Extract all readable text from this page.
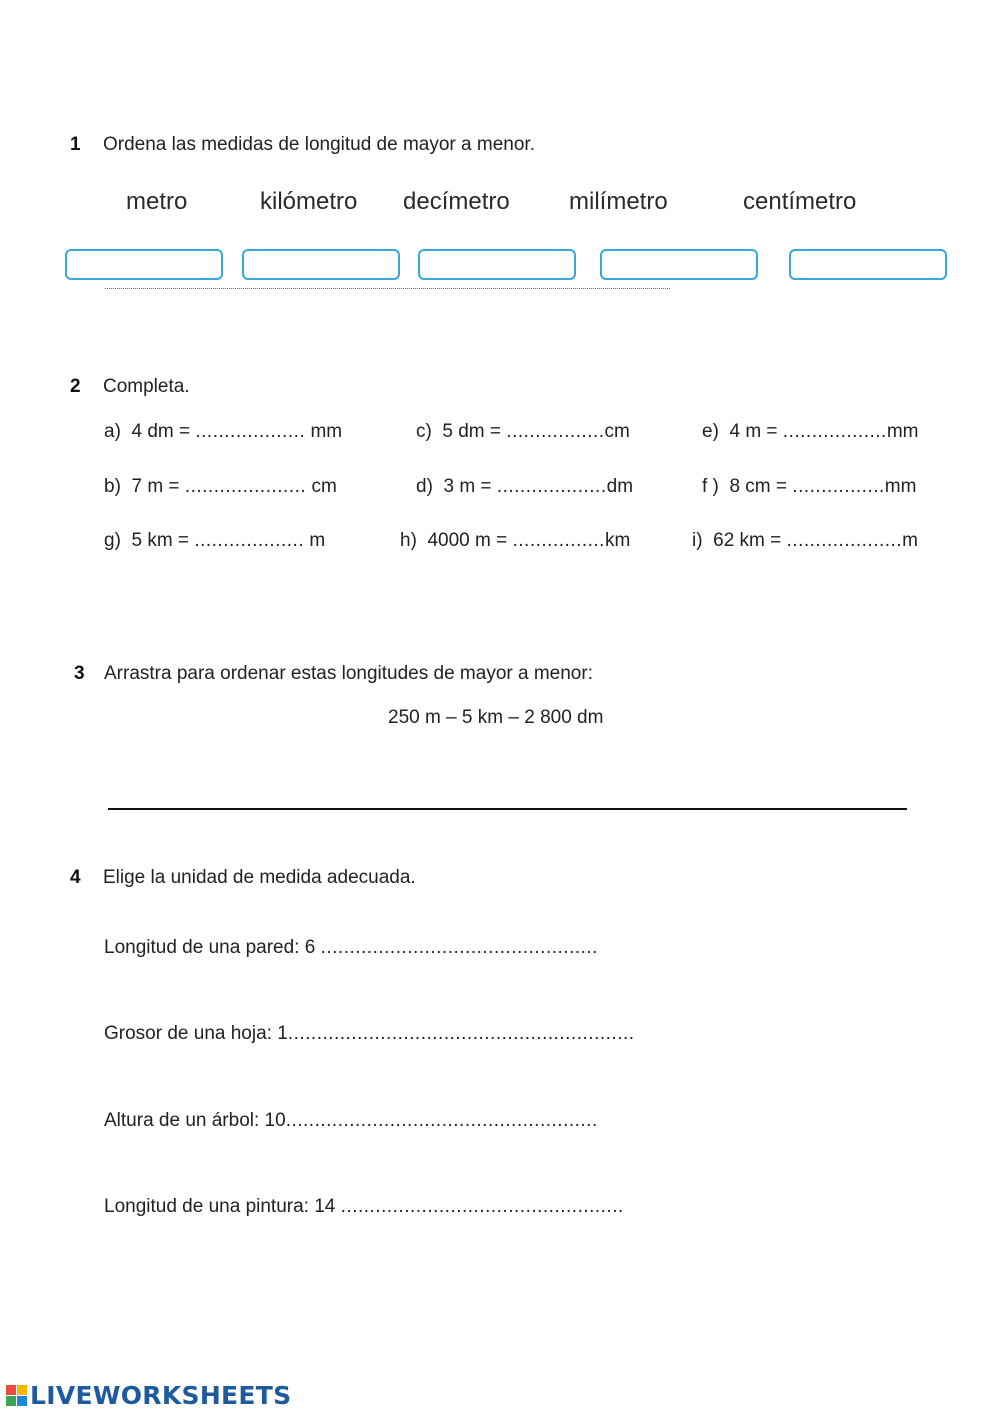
1 Ordena las medidas de longitud de mayor a menor.
metro	kilómetro decímetro milímetro	centímetro
2 Completa.
a) 4 dm = ................... mm	c) 5 dm = .................cm	e) 4 m = ..................mm
b) 7 m = ..................... cm	d) 3 m = ...................dm	f ) 8 cm = ................mm
g) 5 km = ................... m	h) 4000 m = ................km	i) 62 km = ....................m
3 Arrastra para ordenar estas longitudes de mayor a menor:
250 m – 5 km – 2 800 dm
4 Elige la unidad de medida adecuada.
Longitud de una pared: 6 ................................................
Grosor de una hoja: 1............................................................
Altura de un árbol: 10......................................................
Longitud de una pintura: 14 .................................................
LIVEWORKSHEETS
